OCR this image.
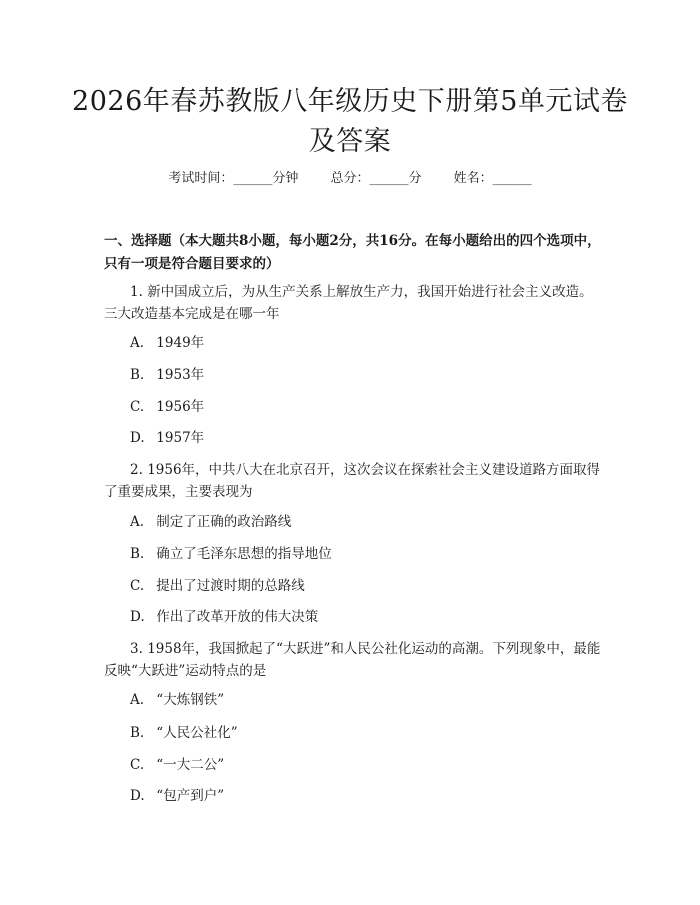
2026年春苏教版八年级历史下册第5单元试卷及答案
考试时间：______分钟 总分：______分 姓名：______

一、选择题（本大题共8小题，每小题2分，共16分。在每小题给出的四个选项中，只有一项是符合题目要求的）

1. 新中国成立后，为从生产关系上解放生产力，我国开始进行社会主义改造。三大改造基本完成是在哪一年

A. 1949年

B. 1953年

C. 1956年

D. 1957年

2. 1956年，中共八大在北京召开，这次会议在探索社会主义建设道路方面取得了重要成果，主要表现为

A. 制定了正确的政治路线

B. 确立了毛泽东思想的指导地位

C. 提出了过渡时期的总路线

D. 作出了改革开放的伟大决策

3. 1958年，我国掀起了“大跃进”和人民公社化运动的高潮。下列现象中，最能反映“大跃进”运动特点的是

A. “大炼钢铁”

B. “人民公社化”

C. “一大二公”

D. “包产到户”
